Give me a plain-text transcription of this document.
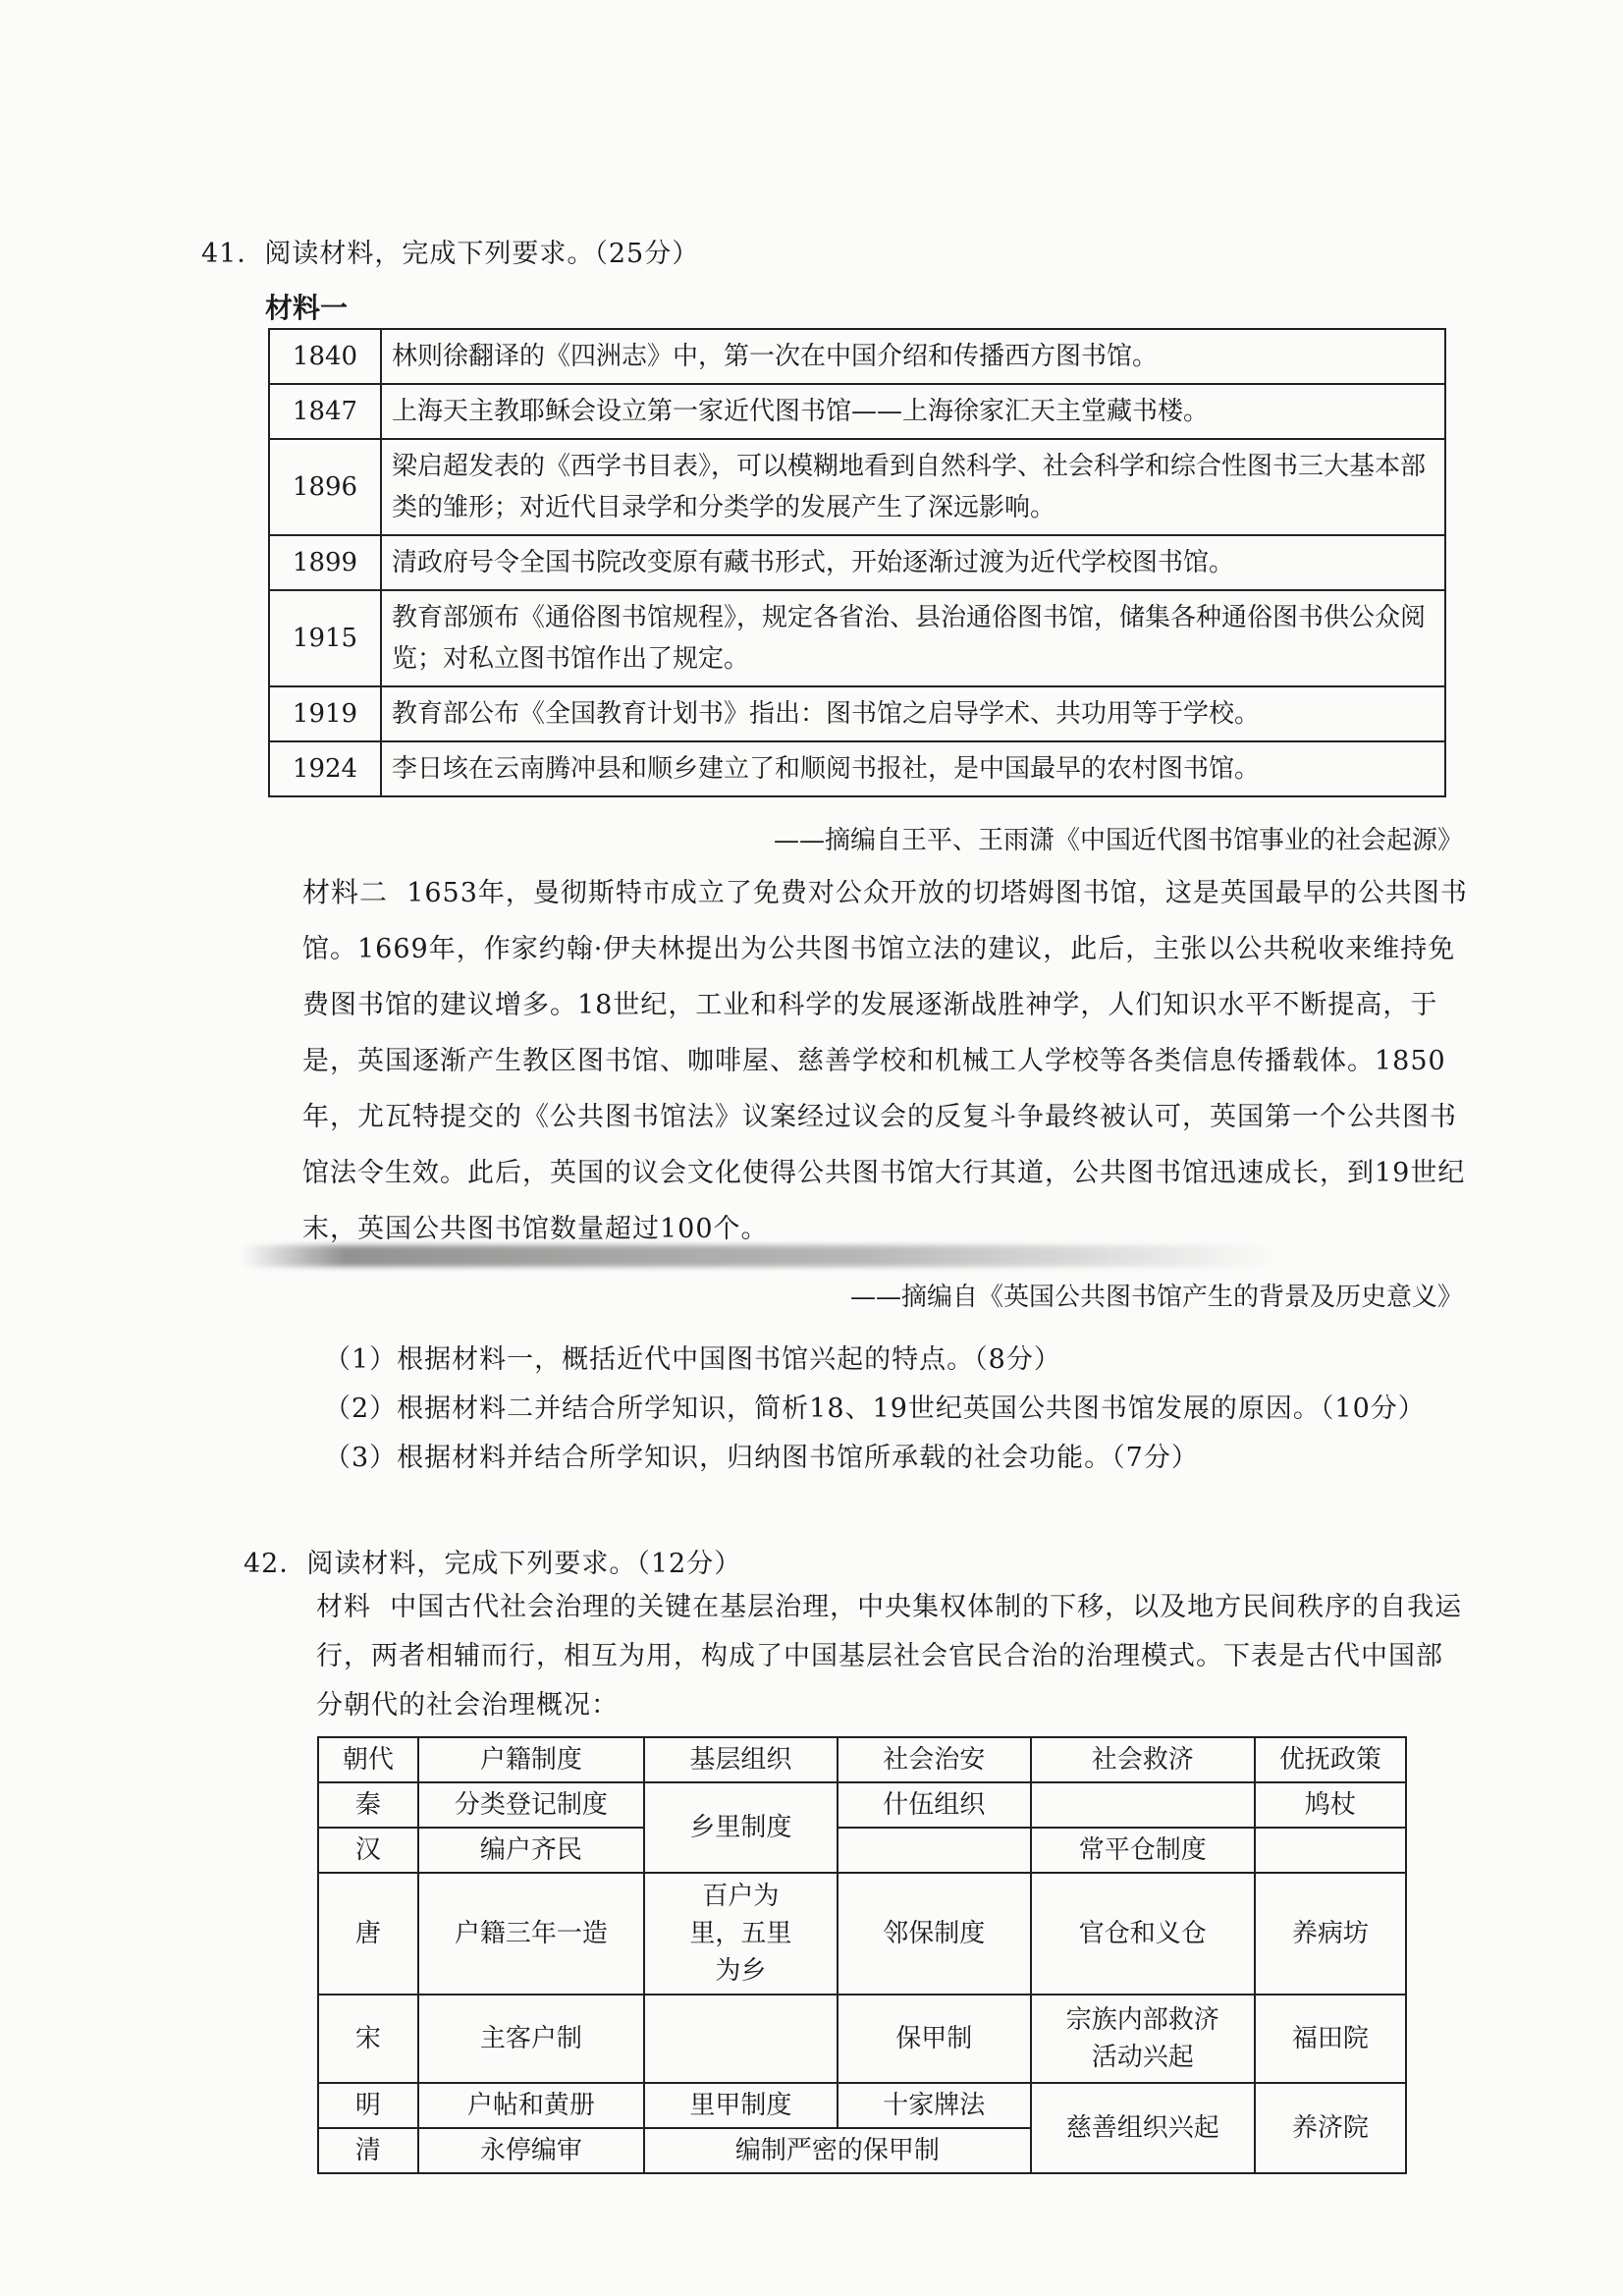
41．阅读材料，完成下列要求。（25分）
材料一
1840	林则徐翻译的《四洲志》中，第一次在中国介绍和传播西方图书馆。
1847	上海天主教耶稣会设立第一家近代图书馆——上海徐家汇天主堂藏书楼。
1896	梁启超发表的《西学书目表》，可以模糊地看到自然科学、社会科学和综合性图书三大基本部类的雏形；对近代目录学和分类学的发展产生了深远影响。
1899	清政府号令全国书院改变原有藏书形式，开始逐渐过渡为近代学校图书馆。
1915	教育部颁布《通俗图书馆规程》，规定各省治、县治通俗图书馆，储集各种通俗图书供公众阅览；对私立图书馆作出了规定。
1919	教育部公布《全国教育计划书》指出：图书馆之启导学术、共功用等于学校。
1924	李日垓在云南腾冲县和顺乡建立了和顺阅书报社，是中国最早的农村图书馆。
——摘编自王平、王雨潇《中国近代图书馆事业的社会起源》
材料二 1653年，曼彻斯特市成立了免费对公众开放的切塔姆图书馆，这是英国最早的公共图书馆。1669年，作家约翰·伊夫林提出为公共图书馆立法的建议，此后，主张以公共税收来维持免费图书馆的建议增多。18世纪，工业和科学的发展逐渐战胜神学，人们知识水平不断提高，于是，英国逐渐产生教区图书馆、咖啡屋、慈善学校和机械工人学校等各类信息传播载体。1850年，尤瓦特提交的《公共图书馆法》议案经过议会的反复斗争最终被认可，英国第一个公共图书馆法令生效。此后，英国的议会文化使得公共图书馆大行其道，公共图书馆迅速成长，到19世纪末，英国公共图书馆数量超过100个。
——摘编自《英国公共图书馆产生的背景及历史意义》
（1）根据材料一，概括近代中国图书馆兴起的特点。（8分）
（2）根据材料二并结合所学知识，简析18、19世纪英国公共图书馆发展的原因。（10分）
（3）根据材料并结合所学知识，归纳图书馆所承载的社会功能。（7分）
42．阅读材料，完成下列要求。（12分）
材料 中国古代社会治理的关键在基层治理，中央集权体制的下移，以及地方民间秩序的自我运行，两者相辅而行，相互为用，构成了中国基层社会官民合治的治理模式。下表是古代中国部分朝代的社会治理概况：
朝代	户籍制度	基层组织	社会治安	社会救济	优抚政策
秦	分类登记制度	乡里制度	什伍组织		鸠杖
汉	编户齐民			常平仓制度	
唐	户籍三年一造	百户为里，五里为乡	邻保制度	官仓和义仓	养病坊
宋	主客户制		保甲制	宗族内部救济活动兴起	福田院
明	户帖和黄册	里甲制度	十家牌法	慈善组织兴起	养济院
清	永停编审	编制严密的保甲制			
